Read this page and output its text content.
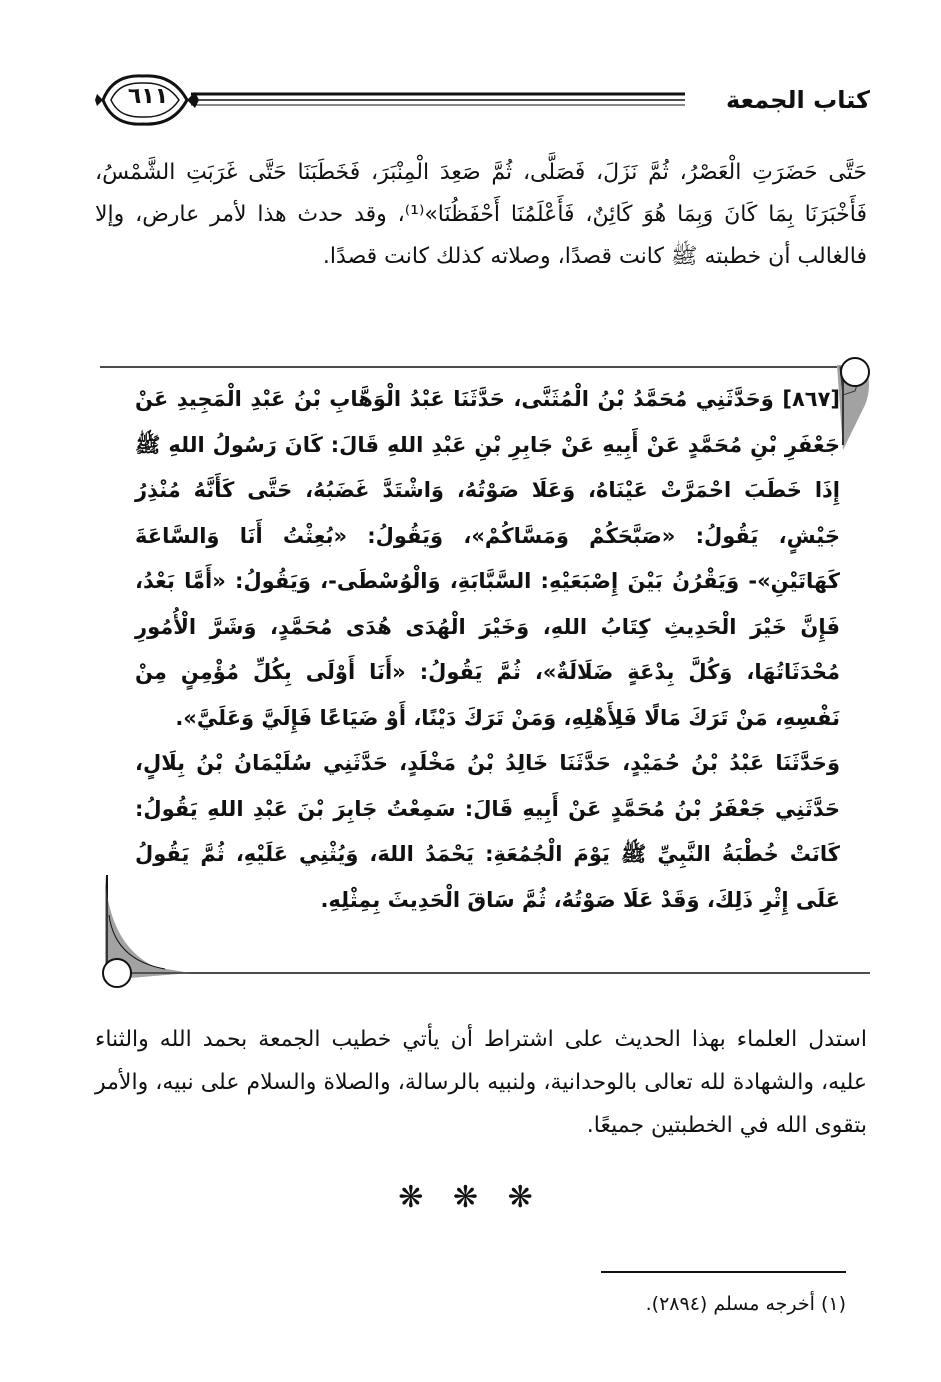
٦١١	كتاب الجمعة
حَتَّى حَضَرَتِ الْعَصْرُ، ثُمَّ نَزَلَ، فَصَلَّى، ثُمَّ صَعِدَ الْمِنْبَرَ، فَخَطَبَنَا حَتَّى غَرَبَتِ الشَّمْسُ، فَأَخْبَرَنَا بِمَا كَانَ وَبِمَا هُوَ كَائِنٌ، فَأَعْلَمُنَا أَحْفَظُنَا»⁽¹⁾، وقد حدث هذا لأمر عارض، وإلا فالغالب أن خطبته ﷺ كانت قصدًا، وصلاته كذلك كانت قصدًا.

[٨٦٧] وَحَدَّثَنِي مُحَمَّدُ بْنُ الْمُثَنَّى، حَدَّثَنَا عَبْدُ الْوَهَّابِ بْنُ عَبْدِ الْمَجِيدِ عَنْ جَعْفَرِ بْنِ مُحَمَّدٍ عَنْ أَبِيهِ عَنْ جَابِرِ بْنِ عَبْدِ اللهِ قَالَ: كَانَ رَسُولُ اللهِ ﷺ إِذَا خَطَبَ احْمَرَّتْ عَيْنَاهُ، وَعَلَا صَوْتُهُ، وَاشْتَدَّ غَضَبُهُ، حَتَّى كَأَنَّهُ مُنْذِرُ جَيْشٍ، يَقُولُ: «صَبَّحَكُمْ وَمَسَّاكُمْ»، وَيَقُولُ: «بُعِثْتُ أَنَا وَالسَّاعَةَ كَهَاتَيْنِ»- وَيَقْرُنُ بَيْنَ إِصْبَعَيْهِ: السَّبَّابَةِ، وَالْوُسْطَى-، وَيَقُولُ: «أَمَّا بَعْدُ، فَإِنَّ خَيْرَ الْحَدِيثِ كِتَابُ اللهِ، وَخَيْرَ الْهُدَى هُدَى مُحَمَّدٍ، وَشَرَّ الْأُمُورِ مُحْدَثَاتُهَا، وَكُلَّ بِدْعَةٍ ضَلَالَةٌ»، ثُمَّ يَقُولُ: «أَنَا أَوْلَى بِكُلِّ مُؤْمِنٍ مِنْ نَفْسِهِ، مَنْ تَرَكَ مَالًا فَلِأَهْلِهِ، وَمَنْ تَرَكَ دَيْنًا، أَوْ ضَيَاعًا فَإِلَيَّ وَعَلَيَّ».

وَحَدَّثَنَا عَبْدُ بْنُ حُمَيْدٍ، حَدَّثَنَا خَالِدُ بْنُ مَخْلَدٍ، حَدَّثَنِي سُلَيْمَانُ بْنُ بِلَالٍ، حَدَّثَنِي جَعْفَرُ بْنُ مُحَمَّدٍ عَنْ أَبِيهِ قَالَ: سَمِعْتُ جَابِرَ بْنَ عَبْدِ اللهِ يَقُولُ: كَانَتْ خُطْبَةُ النَّبِيِّ ﷺ يَوْمَ الْجُمُعَةِ: يَحْمَدُ اللهَ، وَيُثْنِي عَلَيْهِ، ثُمَّ يَقُولُ عَلَى إِثْرِ ذَلِكَ، وَقَدْ عَلَا صَوْتُهُ، ثُمَّ سَاقَ الْحَدِيثَ بِمِثْلِهِ.

استدل العلماء بهذا الحديث على اشتراط أن يأتي خطيب الجمعة بحمد الله والثناء عليه، والشهادة لله تعالى بالوحدانية، ولنبيه بالرسالة، والصلاة والسلام على نبيه، والأمر بتقوى الله في الخطبتين جميعًا.
❋ ❋ ❋
(١) أخرجه مسلم (٢٨٩٤).
